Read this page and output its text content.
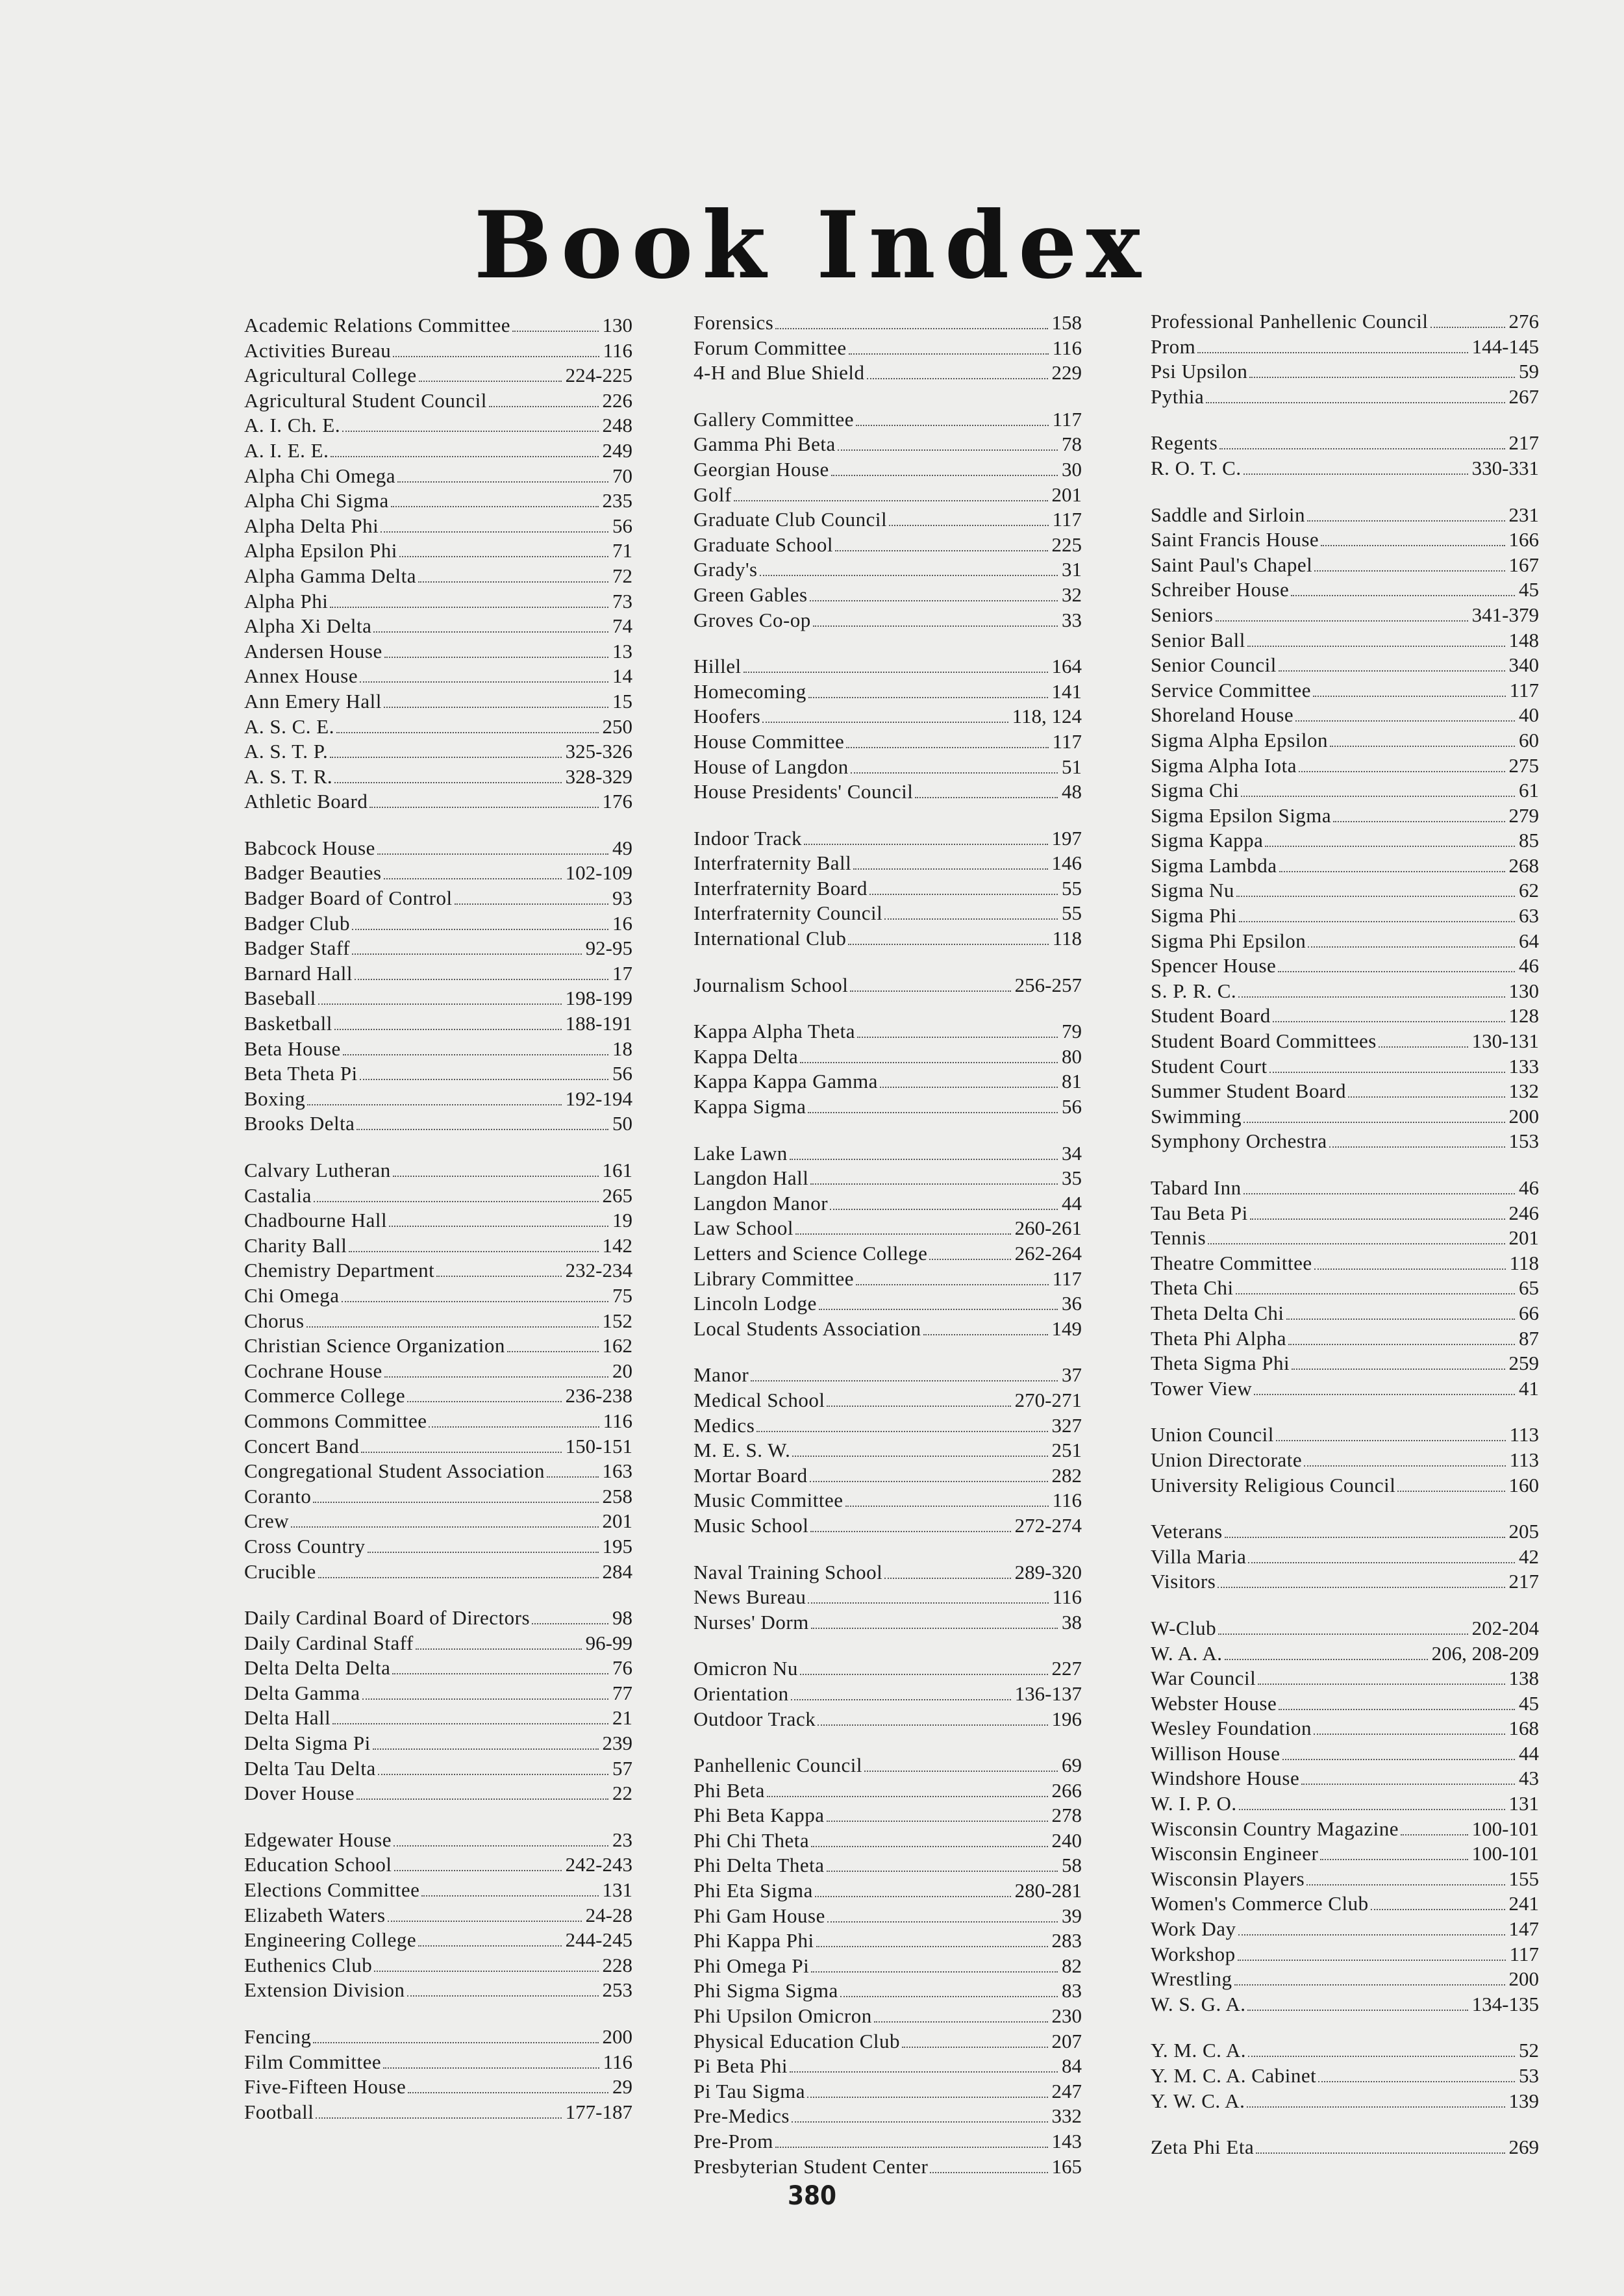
Book Index
Academic Relations Committee	130
Activities Bureau	116
Agricultural College	224-225
Agricultural Student Council	226
A. I. Ch. E.	248
A. I. E. E.	249
Alpha Chi Omega	70
Alpha Chi Sigma	235
Alpha Delta Phi	56
Alpha Epsilon Phi	71
Alpha Gamma Delta	72
Alpha Phi	73
Alpha Xi Delta	74
Andersen House	13
Annex House	14
Ann Emery Hall	15
A. S. C. E.	250
A. S. T. P.	325-326
A. S. T. R.	328-329
Athletic Board	176
Babcock House	49
Badger Beauties	102-109
Badger Board of Control	93
Badger Club	16
Badger Staff	92-95
Barnard Hall	17
Baseball	198-199
Basketball	188-191
Beta House	18
Beta Theta Pi	56
Boxing	192-194
Brooks Delta	50
Calvary Lutheran	161
Castalia	265
Chadbourne Hall	19
Charity Ball	142
Chemistry Department	232-234
Chi Omega	75
Chorus	152
Christian Science Organization	162
Cochrane House	20
Commerce College	236-238
Commons Committee	116
Concert Band	150-151
Congregational Student Association	163
Coranto	258
Crew	201
Cross Country	195
Crucible	284
Daily Cardinal Board of Directors	98
Daily Cardinal Staff	96-99
Delta Delta Delta	76
Delta Gamma	77
Delta Hall	21
Delta Sigma Pi	239
Delta Tau Delta	57
Dover House	22
Edgewater House	23
Education School	242-243
Elections Committee	131
Elizabeth Waters	24-28
Engineering College	244-245
Euthenics Club	228
Extension Division	253
Fencing	200
Film Committee	116
Five-Fifteen House	29
Football	177-187
Forensics	158
Forum Committee	116
4-H and Blue Shield	229
Gallery Committee	117
Gamma Phi Beta	78
Georgian House	30
Golf	201
Graduate Club Council	117
Graduate School	225
Grady's	31
Green Gables	32
Groves Co-op	33
Hillel	164
Homecoming	141
Hoofers	118, 124
House Committee	117
House of Langdon	51
House Presidents' Council	48
Indoor Track	197
Interfraternity Ball	146
Interfraternity Board	55
Interfraternity Council	55
International Club	118
Journalism School	256-257
Kappa Alpha Theta	79
Kappa Delta	80
Kappa Kappa Gamma	81
Kappa Sigma	56
Lake Lawn	34
Langdon Hall	35
Langdon Manor	44
Law School	260-261
Letters and Science College	262-264
Library Committee	117
Lincoln Lodge	36
Local Students Association	149
Manor	37
Medical School	270-271
Medics	327
M. E. S. W.	251
Mortar Board	282
Music Committee	116
Music School	272-274
Naval Training School	289-320
News Bureau	116
Nurses' Dorm	38
Omicron Nu	227
Orientation	136-137
Outdoor Track	196
Panhellenic Council	69
Phi Beta	266
Phi Beta Kappa	278
Phi Chi Theta	240
Phi Delta Theta	58
Phi Eta Sigma	280-281
Phi Gam House	39
Phi Kappa Phi	283
Phi Omega Pi	82
Phi Sigma Sigma	83
Phi Upsilon Omicron	230
Physical Education Club	207
Pi Beta Phi	84
Pi Tau Sigma	247
Pre-Medics	332
Pre-Prom	143
Presbyterian Student Center	165
Professional Panhellenic Council	276
Prom	144-145
Psi Upsilon	59
Pythia	267
Regents	217
R. O. T. C.	330-331
Saddle and Sirloin	231
Saint Francis House	166
Saint Paul's Chapel	167
Schreiber House	45
Seniors	341-379
Senior Ball	148
Senior Council	340
Service Committee	117
Shoreland House	40
Sigma Alpha Epsilon	60
Sigma Alpha Iota	275
Sigma Chi	61
Sigma Epsilon Sigma	279
Sigma Kappa	85
Sigma Lambda	268
Sigma Nu	62
Sigma Phi	63
Sigma Phi Epsilon	64
Spencer House	46
S. P. R. C.	130
Student Board	128
Student Board Committees	130-131
Student Court	133
Summer Student Board	132
Swimming	200
Symphony Orchestra	153
Tabard Inn	46
Tau Beta Pi	246
Tennis	201
Theatre Committee	118
Theta Chi	65
Theta Delta Chi	66
Theta Phi Alpha	87
Theta Sigma Phi	259
Tower View	41
Union Council	113
Union Directorate	113
University Religious Council	160
Veterans	205
Villa Maria	42
Visitors	217
W-Club	202-204
W. A. A.	206, 208-209
War Council	138
Webster House	45
Wesley Foundation	168
Willison House	44
Windshore House	43
W. I. P. O.	131
Wisconsin Country Magazine	100-101
Wisconsin Engineer	100-101
Wisconsin Players	155
Women's Commerce Club	241
Work Day	147
Workshop	117
Wrestling	200
W. S. G. A.	134-135
Y. M. C. A.	52
Y. M. C. A. Cabinet	53
Y. W. C. A.	139
Zeta Phi Eta	269
380
